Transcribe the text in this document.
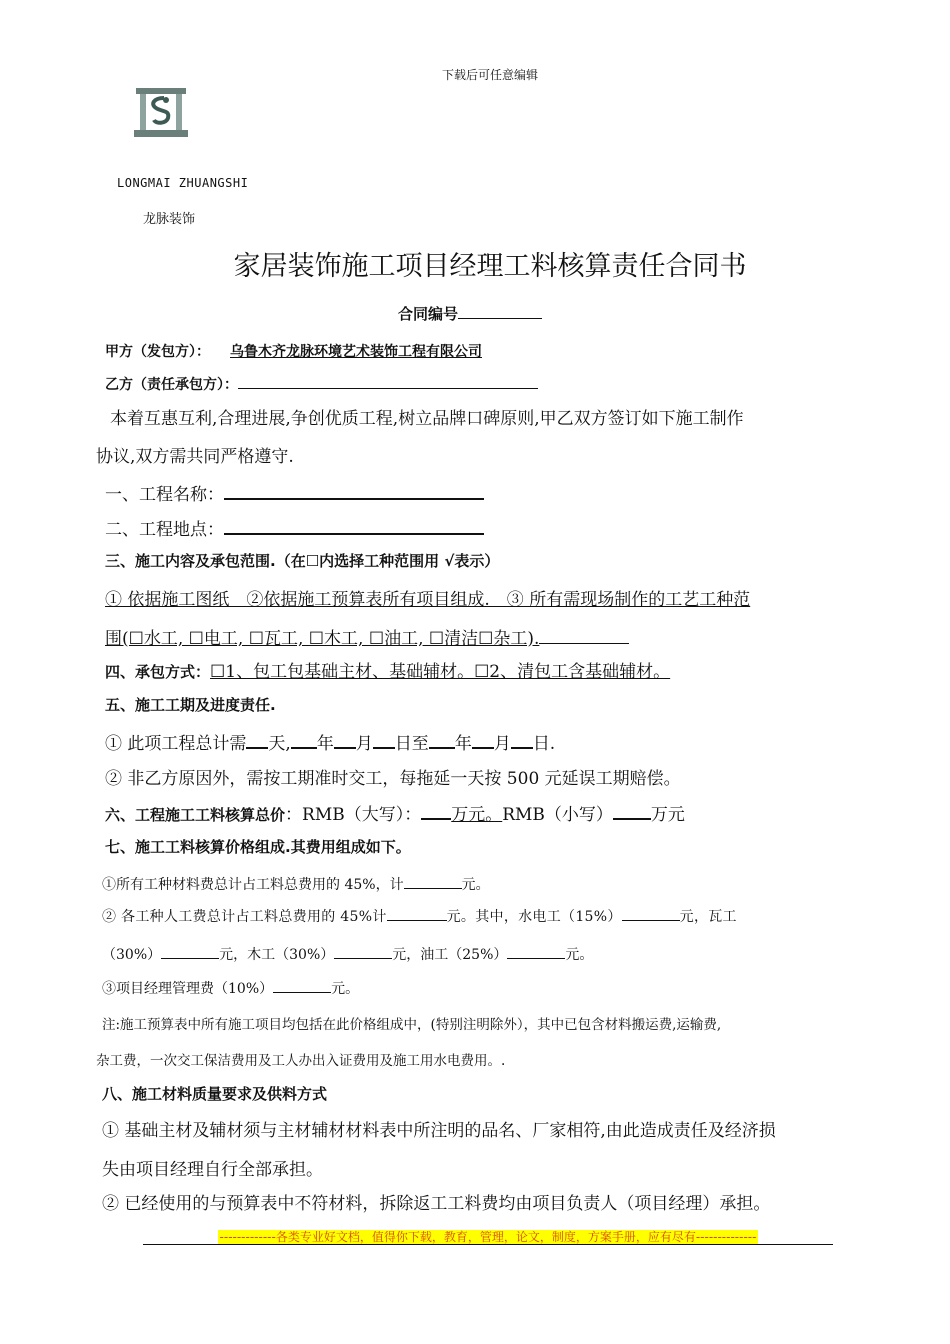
下载后可任意编辑
LONGMAI ZHUANGSHI
龙脉装饰
家居装饰施工项目经理工料核算责任合同书
合同编号
甲方（发包方）： 乌鲁木齐龙脉环境艺术装饰工程有限公司
乙方（责任承包方）：
本着互惠互利,合理进展,争创优质工程,树立品牌口碑原则,甲乙双方签订如下施工制作
协议,双方需共同严格遵守.
一、工程名称：
二、工程地点：
三、施工内容及承包范围.（在☐内选择工种范围用 √表示）
① 依据施工图纸　②依据施工预算表所有项目组成.　③ 所有需现场制作的工艺工种范
围(☐水工, ☐电工, ☐瓦工, ☐木工, ☐油工, ☐清洁☐杂工).
四、承包方式：☐1、包工包基础主材、基础辅材。☐2、清包工含基础辅材。
五、施工工期及进度责任.
① 此项工程总计需 天, 年 月 日至 年 月 日.
② 非乙方原因外，需按工期准时交工，每拖延一天按 500 元延误工期赔偿。
六、工程施工工料核算总价：RMB（大写）： 万元。RMB（小写） 万元
七、施工工料核算价格组成.其费用组成如下。
①所有工种材料费总计占工料总费用的 45%，计	元。
② 各工种人工费总计占工料总费用的 45%计	元。其中，水电工（15%）	元，瓦工
（30%）	元，木工（30%）	元，油工（25%）	元。
③项目经理管理费（10%）	元。
注:施工预算表中所有施工项目均包括在此价格组成中，(特别注明除外），其中已包含材料搬运费,运输费,
杂工费，一次交工保洁费用及工人办出入证费用及施工用水电费用。.
八、施工材料质量要求及供料方式
① 基础主材及辅材须与主材辅材材料表中所注明的品名、厂家相符,由此造成责任及经济损
失由项目经理自行全部承担。
② 已经使用的与预算表中不符材料，拆除返工工料费均由项目负责人（项目经理）承担。
-------------各类专业好文档，值得你下载，教育，管理，论文，制度，方案手册，应有尽有--------------
